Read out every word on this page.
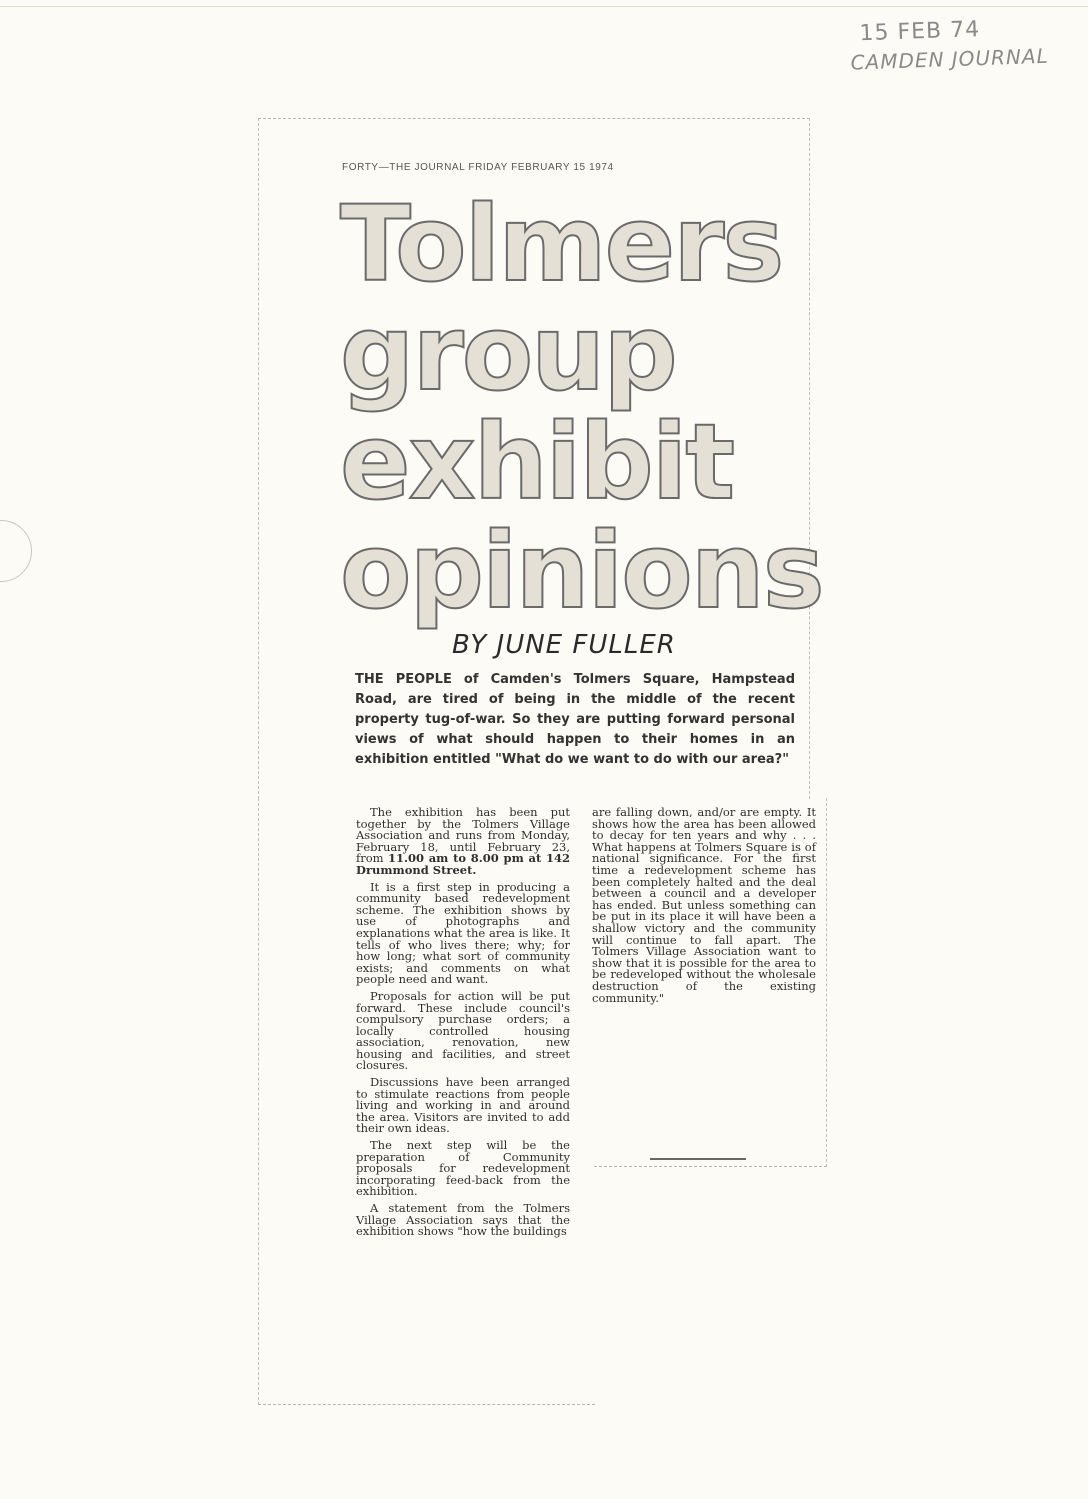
15 FEB 74
CAMDEN JOURNAL
FORTY—THE JOURNAL FRIDAY FEBRUARY 15 1974
Tolmers
group
exhibit
opinions
BY JUNE FULLER
THE PEOPLE of Camden's Tolmers Square, Hampstead Road, are tired of being in the middle of the recent property tug-of-war. So they are putting forward personal views of what should happen to their homes in an exhibition entitled "What do we want to do with our area?"

The exhibition has been put together by the Tolmers Village Association and runs from Monday, February 18, until February 23, from 11.00 am to 8.00 pm at 142 Drummond Street.

It is a first step in producing a community based redevelopment scheme. The exhibition shows by use of photographs and explanations what the area is like. It tells of who lives there; why; for how long; what sort of community exists; and comments on what people need and want.

Proposals for action will be put forward. These include council's compulsory purchase orders; a locally controlled housing association, renovation, new housing and facilities, and street closures.

Discussions have been arranged to stimulate reactions from people living and working in and around the area. Visitors are invited to add their own ideas.

The next step will be the preparation of Community proposals for redevelopment incorporating feed-back from the exhibition.

A statement from the Tolmers Village Association says that the exhibition shows "how the buildings

are falling down, and/or are empty. It shows how the area has been allowed to decay for ten years and why . . . What happens at Tolmers Square is of national significance. For the first time a redevelopment scheme has been completely halted and the deal between a council and a developer has ended. But unless something can be put in its place it will have been a shallow victory and the community will continue to fall apart. The Tolmers Village Association want to show that it is possible for the area to be redeveloped without the wholesale destruction of the existing community."
